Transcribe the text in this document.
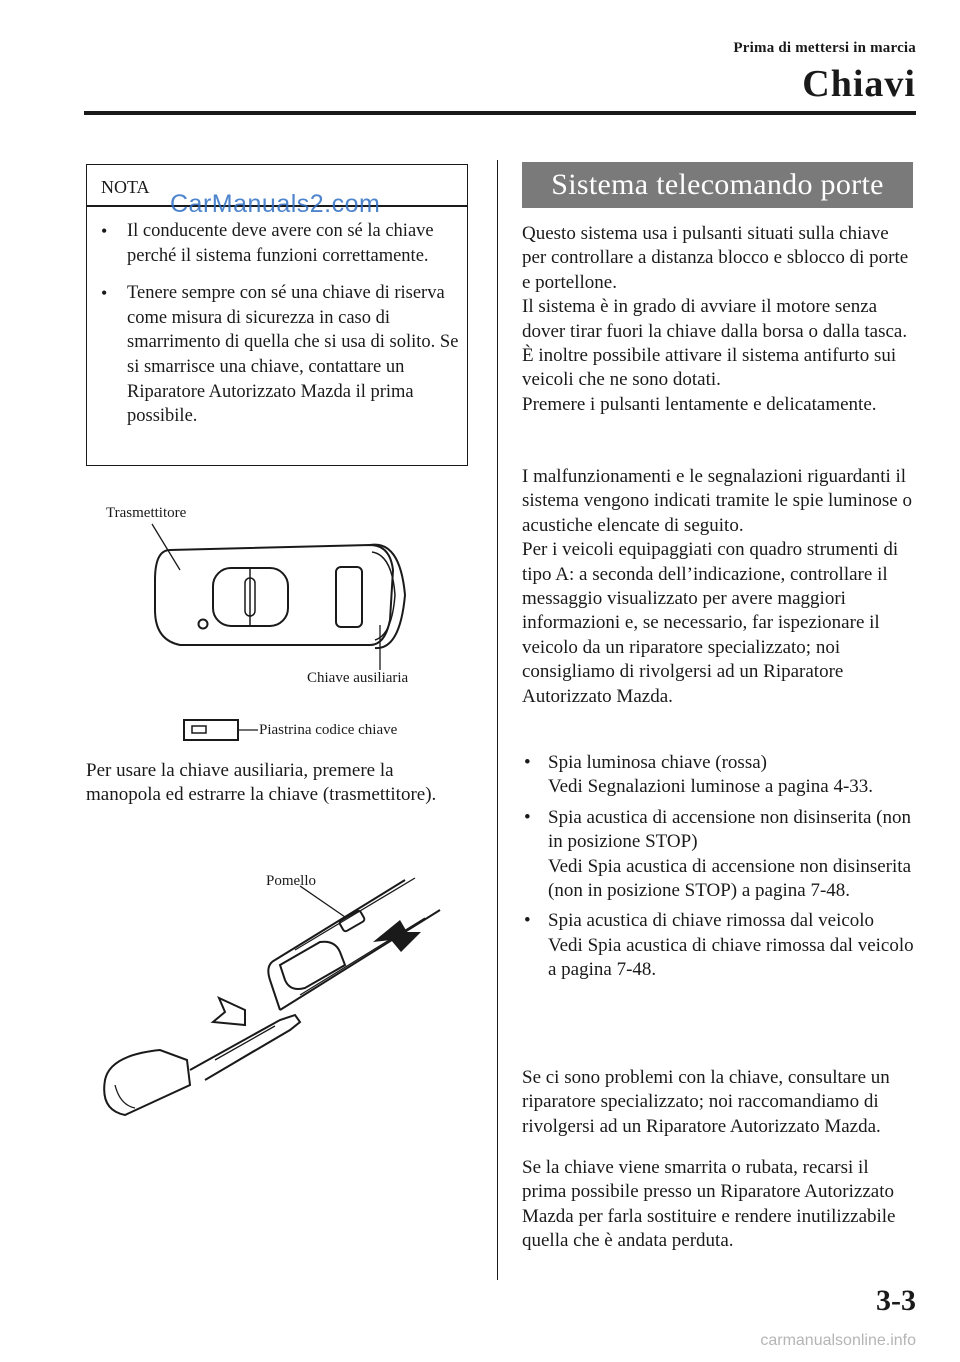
Prima di mettersi in marcia
Chiavi
NOTA
• Il conducente deve avere con sé la chiave perché il sistema funzioni correttamente.
• Tenere sempre con sé una chiave di riserva come misura di sicurezza in caso di smarrimento di quella che si usa di solito. Se si smarrisce una chiave, contattare un Riparatore Autorizzato Mazda il prima possibile.
CarManuals2.com
Trasmettitore
Chiave ausiliaria
Piastrina codice chiave

Per usare la chiave ausiliaria, premere la manopola ed estrarre la chiave (trasmettitore).

Pomello
Sistema telecomando porte

Questo sistema usa i pulsanti situati sulla chiave per controllare a distanza blocco e sblocco di porte e portellone.
Il sistema è in grado di avviare il motore senza dover tirar fuori la chiave dalla borsa o dalla tasca.
È inoltre possibile attivare il sistema antifurto sui veicoli che ne sono dotati.
Premere i pulsanti lentamente e delicatamente.

I malfunzionamenti e le segnalazioni riguardanti il sistema vengono indicati tramite le spie luminose o acustiche elencate di seguito.
Per i veicoli equipaggiati con quadro strumenti di tipo A: a seconda dell’indicazione, controllare il messaggio visualizzato per avere maggiori informazioni e, se necessario, far ispezionare il veicolo da un riparatore specializzato; noi consigliamo di rivolgersi ad un Riparatore Autorizzato Mazda.

• Spia luminosa chiave (rossa)
Vedi Segnalazioni luminose a pagina 4-33.
• Spia acustica di accensione non disinserita (non in posizione STOP)
Vedi Spia acustica di accensione non disinserita (non in posizione STOP) a pagina 7-48.
• Spia acustica di chiave rimossa dal veicolo
Vedi Spia acustica di chiave rimossa dal veicolo a pagina 7-48.

Se ci sono problemi con la chiave, consultare un riparatore specializzato; noi raccomandiamo di rivolgersi ad un Riparatore Autorizzato Mazda.

Se la chiave viene smarrita o rubata, recarsi il prima possibile presso un Riparatore Autorizzato Mazda per farla sostituire e rendere inutilizzabile quella che è andata perduta.

3-3
carmanualsonline.info
